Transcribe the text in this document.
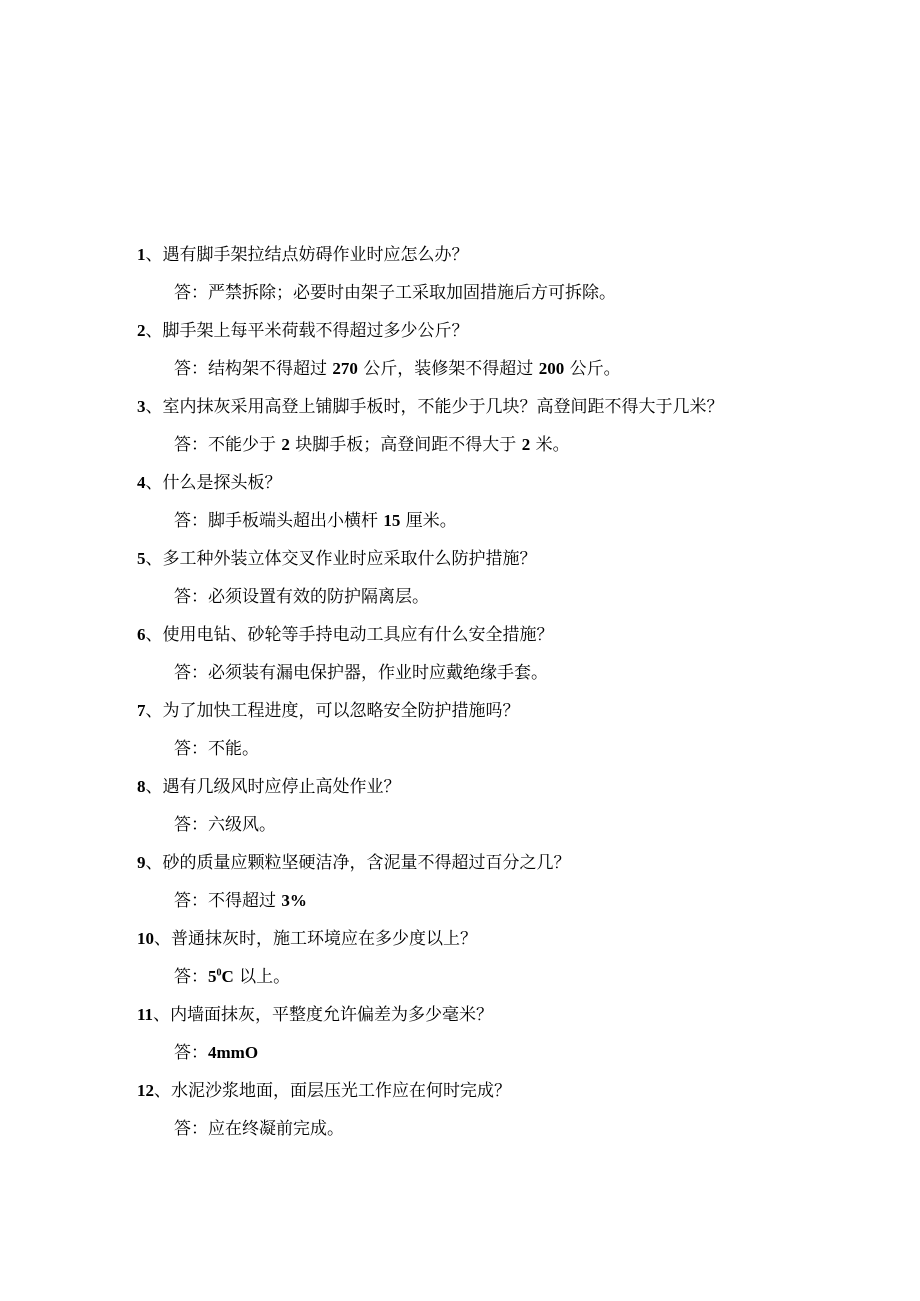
1、遇有脚手架拉结点妨碍作业时应怎么办？
答：严禁拆除；必要时由架子工采取加固措施后方可拆除。
2、脚手架上每平米荷载不得超过多少公斤？
答：结构架不得超过 270 公斤，装修架不得超过 200 公斤。
3、室内抹灰采用高登上铺脚手板时，不能少于几块？高登间距不得大于几米？
答：不能少于 2 块脚手板；高登间距不得大于 2 米。
4、什么是探头板？
答：脚手板端头超出小横杆 15 厘米。
5、多工种外装立体交叉作业时应采取什么防护措施？
答：必须设置有效的防护隔离层。
6、使用电钻、砂轮等手持电动工具应有什么安全措施？
答：必须装有漏电保护器，作业时应戴绝缘手套。
7、为了加快工程进度，可以忽略安全防护措施吗？
答：不能。
8、遇有几级风时应停止高处作业？
答：六级风。
9、砂的质量应颗粒坚硬洁净，含泥量不得超过百分之几？
答：不得超过 3%
10、普通抹灰时，施工环境应在多少度以上？
答：$5^0C$ 以上。
11、内墙面抹灰，平整度允许偏差为多少毫米？
答：4mmO
12、水泥沙浆地面，面层压光工作应在何时完成？
答：应在终凝前完成。
